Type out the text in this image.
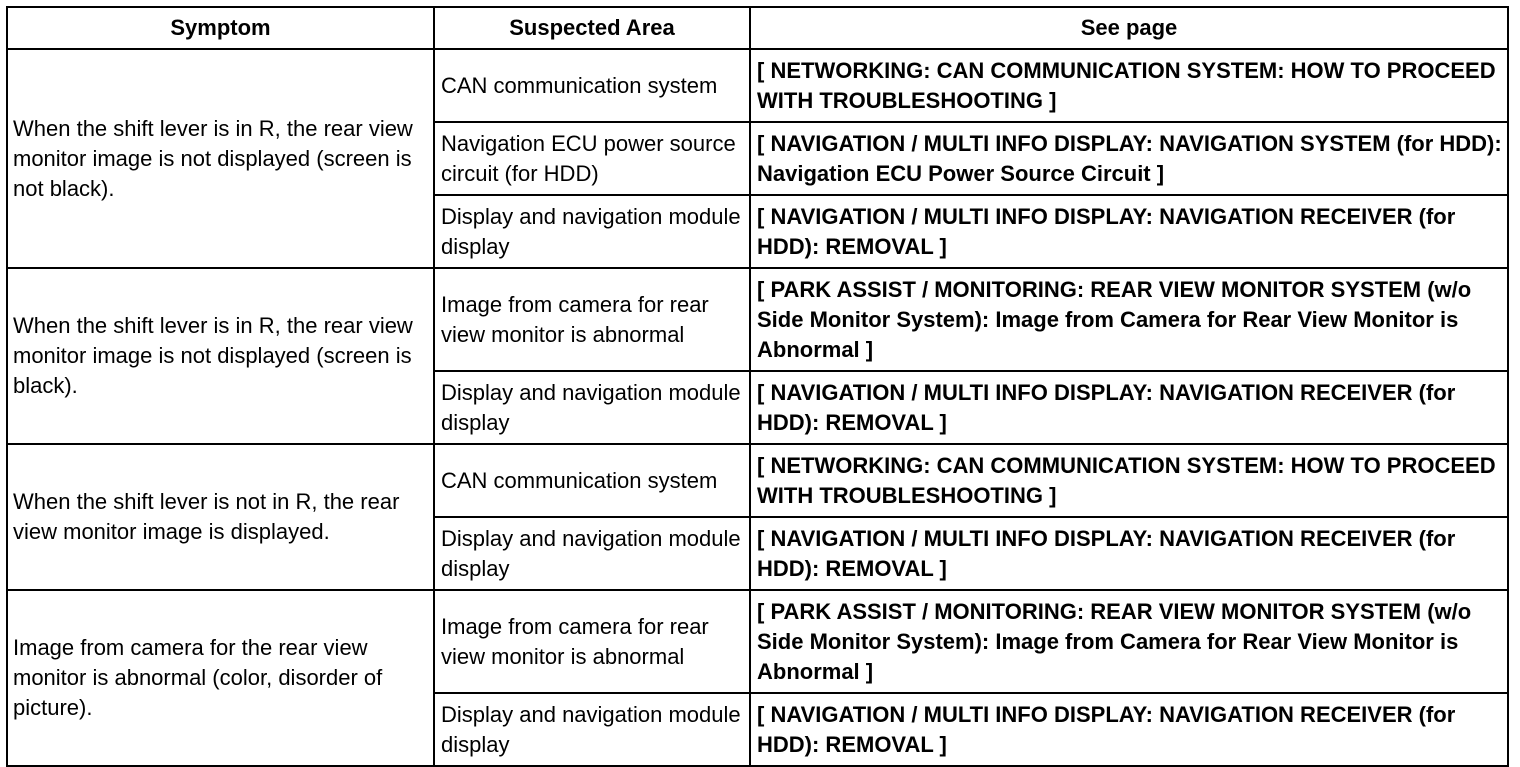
Symptom	Suspected Area	See page
When the shift lever is in R, the rear view monitor image is not displayed (screen is not black).	CAN communication system	[ NETWORKING: CAN COMMUNICATION SYSTEM: HOW TO PROCEED WITH TROUBLESHOOTING ]
	Navigation ECU power source circuit (for HDD)	[ NAVIGATION / MULTI INFO DISPLAY: NAVIGATION SYSTEM (for HDD): Navigation ECU Power Source Circuit ]
	Display and navigation module display	[ NAVIGATION / MULTI INFO DISPLAY: NAVIGATION RECEIVER (for HDD): REMOVAL ]
When the shift lever is in R, the rear view monitor image is not displayed (screen is black).	Image from camera for rear view monitor is abnormal	[ PARK ASSIST / MONITORING: REAR VIEW MONITOR SYSTEM (w/o Side Monitor System): Image from Camera for Rear View Monitor is Abnormal ]
	Display and navigation module display	[ NAVIGATION / MULTI INFO DISPLAY: NAVIGATION RECEIVER (for HDD): REMOVAL ]
When the shift lever is not in R, the rear view monitor image is displayed.	CAN communication system	[ NETWORKING: CAN COMMUNICATION SYSTEM: HOW TO PROCEED WITH TROUBLESHOOTING ]
	Display and navigation module display	[ NAVIGATION / MULTI INFO DISPLAY: NAVIGATION RECEIVER (for HDD): REMOVAL ]
Image from camera for the rear view monitor is abnormal (color, disorder of picture).	Image from camera for rear view monitor is abnormal	[ PARK ASSIST / MONITORING: REAR VIEW MONITOR SYSTEM (w/o Side Monitor System): Image from Camera for Rear View Monitor is Abnormal ]
	Display and navigation module display	[ NAVIGATION / MULTI INFO DISPLAY: NAVIGATION RECEIVER (for HDD): REMOVAL ]
